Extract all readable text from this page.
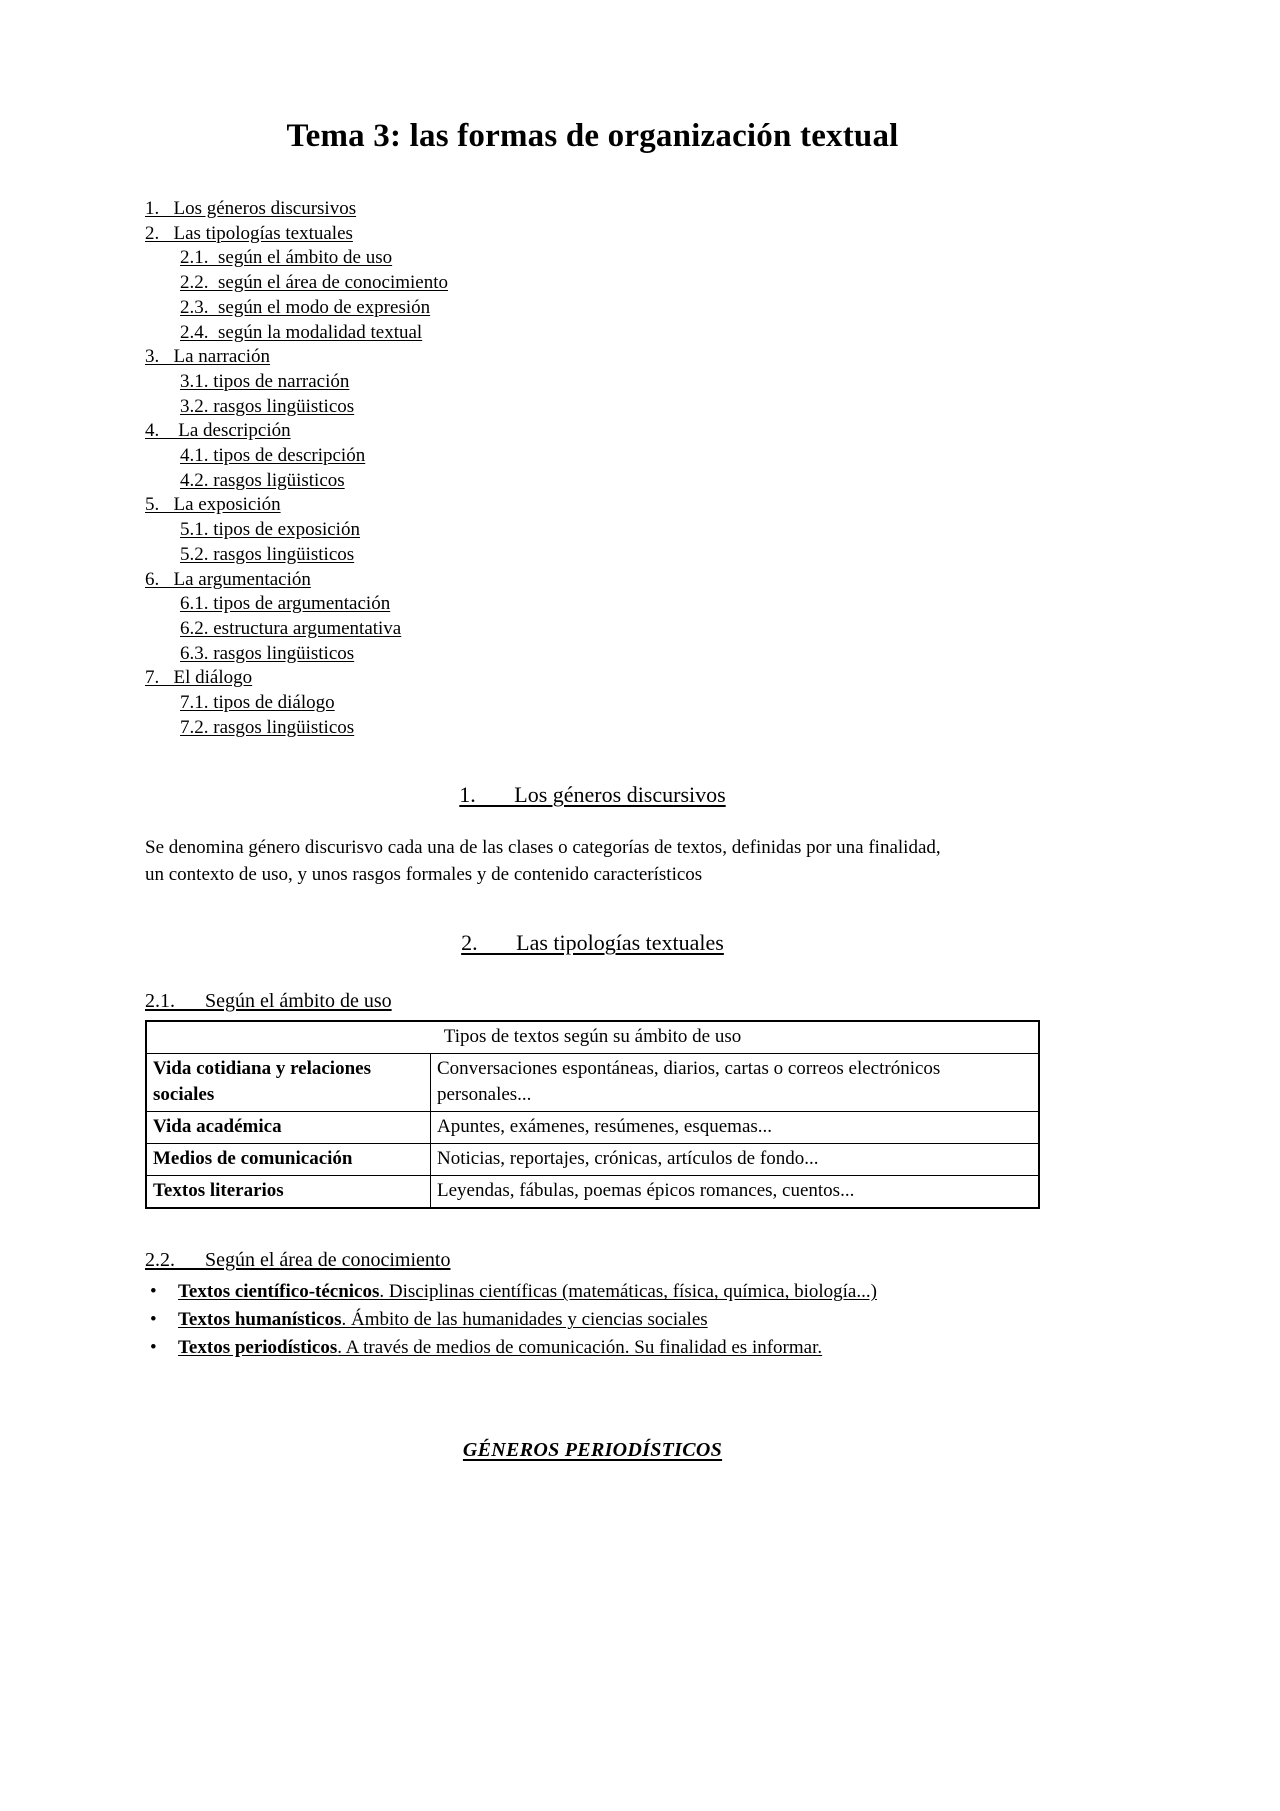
Tema 3: las formas de organización textual
1.   Los géneros discursivos
2.   Las tipologías textuales
2.1.  según el ámbito de uso
2.2.  según el área de conocimiento
2.3.  según el modo de expresión
2.4.  según la modalidad textual
3.   La narración
3.1. tipos de narración
3.2. rasgos lingüisticos
4.    La descripción
4.1. tipos de descripción
4.2. rasgos ligüisticos
5.   La exposición
5.1. tipos de exposición
5.2. rasgos lingüisticos
6.   La argumentación
6.1. tipos de argumentación
6.2. estructura argumentativa
6.3. rasgos lingüisticos
7.   El diálogo
7.1. tipos de diálogo
7.2. rasgos lingüisticos
1.       Los géneros discursivos

Se denomina género discurisvo cada una de las clases o categorías de textos, definidas por una finalidad, un contexto de uso, y unos rasgos formales y de contenido característicos

2.       Las tipologías textuales
2.1.      Según el ámbito de uso
Tipos de textos según su ámbito de uso	
Vida cotidiana y relaciones sociales	Conversaciones espontáneas, diarios, cartas o correos electrónicos personales...
Vida académica	Apuntes, exámenes, resúmenes, esquemas...
Medios de comunicación	Noticias, reportajes, crónicas, artículos de fondo...
Textos literarios	Leyendas, fábulas, poemas épicos romances, cuentos...
2.2.      Según el área de conocimiento
•	Textos científico-técnicos. Disciplinas científicas (matemáticas, física, química, biología...)
•	Textos humanísticos. Ámbito de las humanidades y ciencias sociales
•	Textos periodísticos. A través de medios de comunicación. Su finalidad es informar.
GÉNEROS PERIODÍSTICOS
